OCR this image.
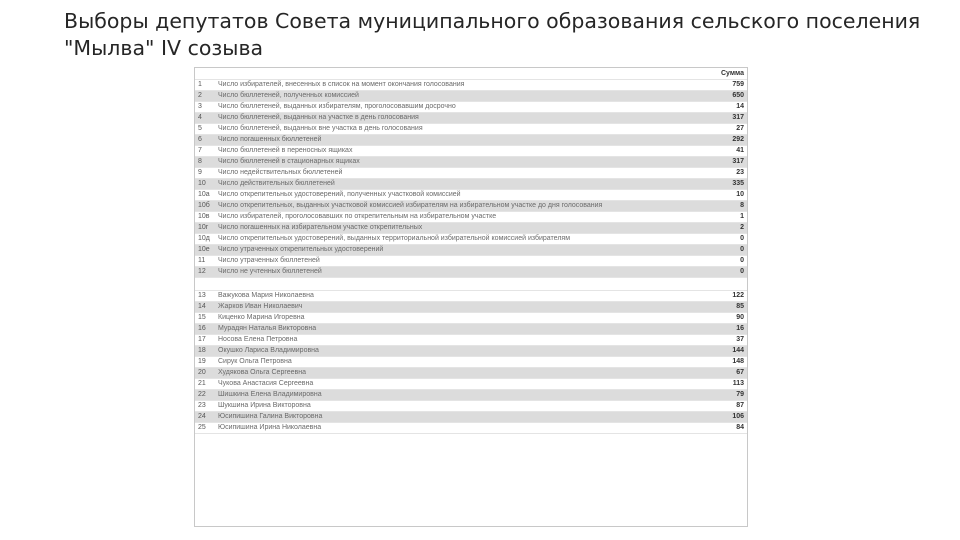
Выборы депутатов Совета муниципального образования сельского поселения "Мылва" IV созыва
		Сумма
1	Число избирателей, внесенных в список на момент окончания голосования	759
2	Число бюллетеней, полученных комиссией	650
3	Число бюллетеней, выданных избирателям, проголосовавшим досрочно	14
4	Число бюллетеней, выданных на участке в день голосования	317
5	Число бюллетеней, выданных вне участка в день голосования	27
6	Число погашенных бюллетеней	292
7	Число бюллетеней в переносных ящиках	41
8	Число бюллетеней в стационарных ящиках	317
9	Число недействительных бюллетеней	23
10	Число действительных бюллетеней	335
10а	Число открепительных удостоверений, полученных участковой комиссией	10
10б	Число открепительных, выданных участковой комиссией избирателям на избирательном участке до дня голосования	8
10в	Число избирателей, проголосовавших по открепительным на избирательном участке	1
10г	Число погашенных на избирательном участке открепительных	2
10д	Число открепительных удостоверений, выданных территориальной избирательной комиссией избирателям	0
10е	Число утраченных открепительных удостоверений	0
11	Число утраченных бюллетеней	0
12	Число не учтенных бюллетеней	0

13	Важукова Мария Николаевна	122
14	Жарков Иван Николаевич	85
15	Киценко Марина Игоревна	90
16	Мурадян Наталья Викторовна	16
17	Носова Елена Петровна	37
18	Окушко Лариса Владимировна	144
19	Сирук Ольга Петровна	148
20	Худякова Ольга Сергеевна	67
21	Чукова Анастасия Сергеевна	113
22	Шишкина Елена Владимировна	79
23	Шукшина Ирина Викторовна	87
24	Юсипишина Галина Викторовна	106
25	Юсипишина Ирина Николаевна	84
